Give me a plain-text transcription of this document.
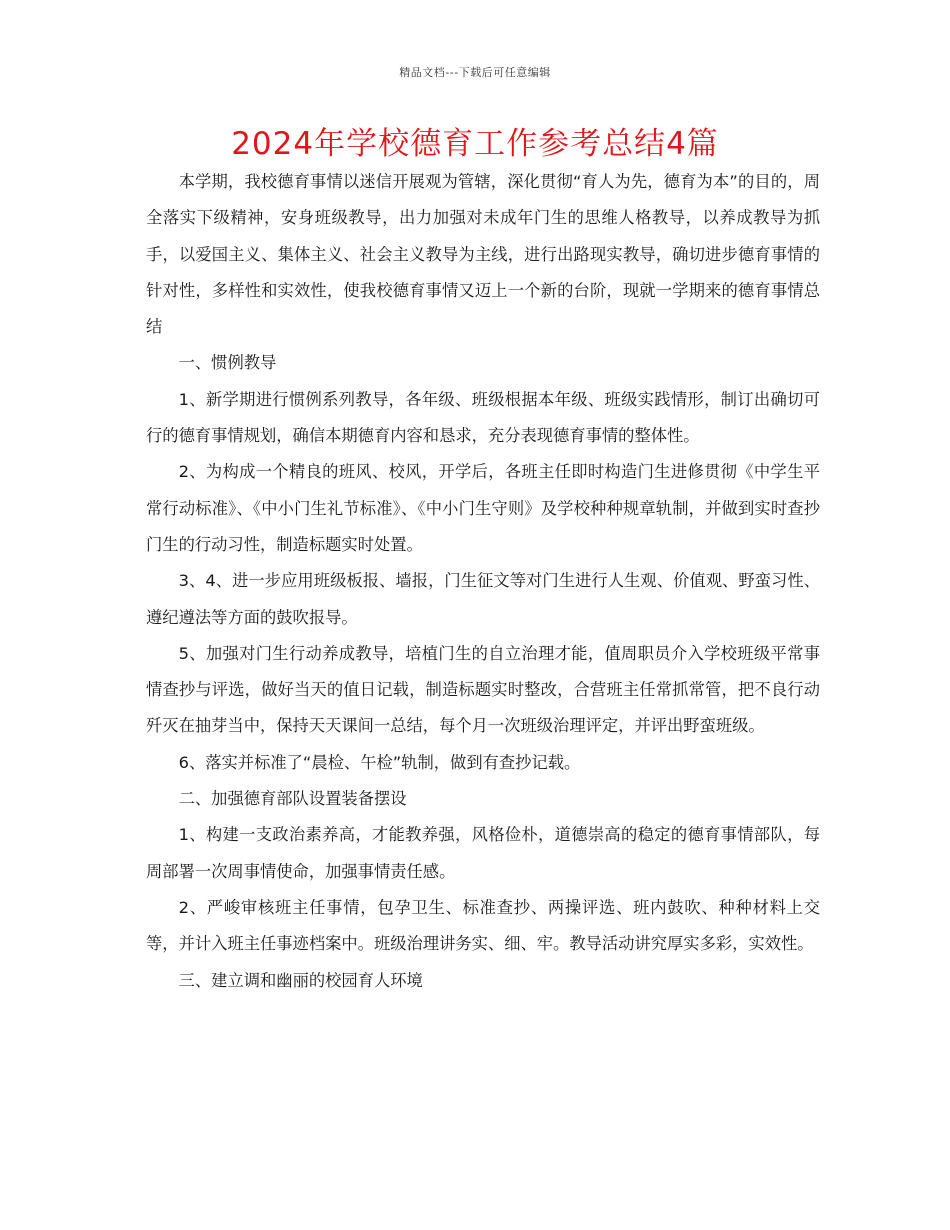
精品文档---下载后可任意编辑
2024年学校德育工作参考总结4篇

本学期，我校德育事情以迷信开展观为管辖，深化贯彻“育人为先，德育为本”的目的，周全落实下级精神，安身班级教导，出力加强对未成年门生的思维人格教导，以养成教导为抓手，以爱国主义、集体主义、社会主义教导为主线，进行出路现实教导，确切进步德育事情的针对性，多样性和实效性，使我校德育事情又迈上一个新的台阶，现就一学期来的德育事情总结

一、惯例教导

1、新学期进行惯例系列教导，各年级、班级根据本年级、班级实践情形，制订出确切可行的德育事情规划，确信本期德育内容和恳求，充分表现德育事情的整体性。

2、为构成一个精良的班风、校风，开学后，各班主任即时构造门生进修贯彻《中学生平常行动标准》、《中小门生礼节标准》、《中小门生守则》及学校种种规章轨制，并做到实时查抄门生的行动习性，制造标题实时处置。

3、4、进一步应用班级板报、墙报，门生征文等对门生进行人生观、价值观、野蛮习性、遵纪遵法等方面的鼓吹报导。

5、加强对门生行动养成教导，培植门生的自立治理才能，值周职员介入学校班级平常事情查抄与评选，做好当天的值日记载，制造标题实时整改，合营班主任常抓常管，把不良行动歼灭在抽芽当中，保持天天课间一总结，每个月一次班级治理评定，并评出野蛮班级。

6、落实并标准了“晨检、午检”轨制，做到有查抄记载。

二、加强德育部队设置装备摆设

1、构建一支政治素养高，才能教养强，风格俭朴，道德崇高的稳定的德育事情部队，每周部署一次周事情使命，加强事情责任感。

2、严峻审核班主任事情，包孕卫生、标准查抄、两操评选、班内鼓吹、种种材料上交等，并计入班主任事迹档案中。班级治理讲务实、细、牢。教导活动讲究厚实多彩，实效性。

三、建立调和幽丽的校园育人环境
